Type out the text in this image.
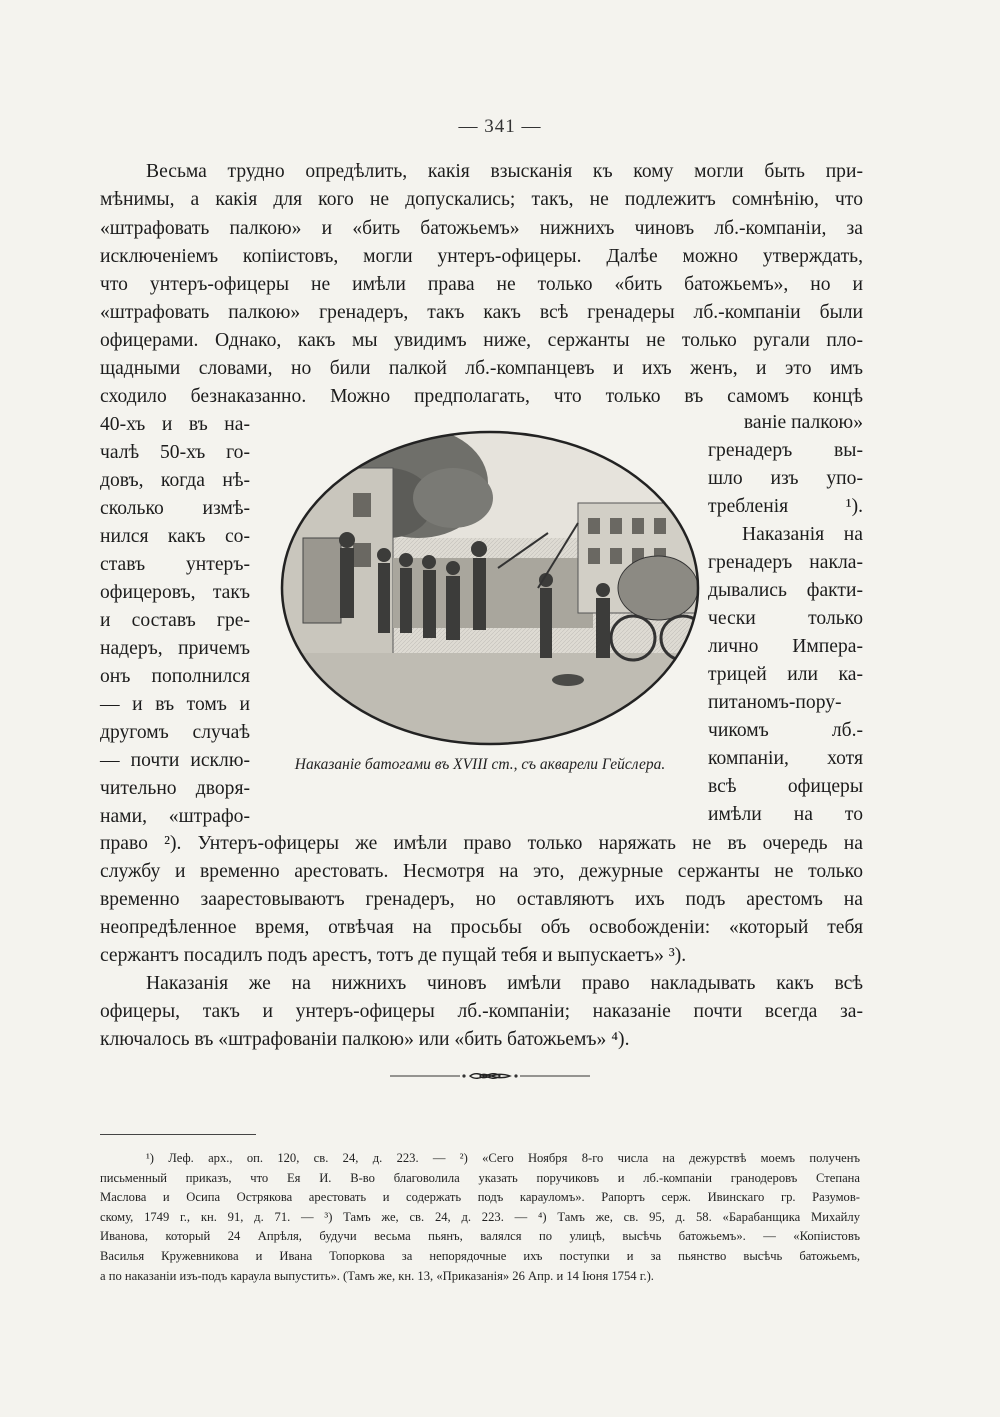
— 341 —
Весьма трудно опредѣлить, какія взысканія къ кому могли быть при-
мѣнимы, а какія для кого не допускались; такъ, не подлежитъ сомнѣнію, что
«штрафовать палкою» и «бить батожьемъ» нижнихъ чиновъ лб.-компаніи, за
исключеніемъ копіистовъ, могли унтеръ-офицеры. Далѣе можно утверждать,
что унтеръ-офицеры не имѣли права не только «бить батожьемъ», но и
«штрафовать палкою» гренадеръ, такъ какъ всѣ гренадеры лб.-компаніи были
офицерами. Однако, какъ мы увидимъ ниже, сержанты не только ругали пло-
щадными словами, но били палкой лб.-компанцевъ и ихъ женъ, и это имъ
сходило безнаказанно. Можно предполагать, что только въ самомъ концѣ
40-хъ и въ на-
чалѣ 50-хъ го-
довъ, когда нѣ-
сколько измѣ-
нился какъ со-
ставъ унтеръ-
офицеровъ, такъ
и составъ гре-
надеръ, причемъ
онъ пополнился
— и въ томъ и
другомъ случаѣ
— почти исклю-
чительно дворя-
нами, «штрафо-
ваніе палкою»
гренадеръ вы-
шло изъ упо-
требленія ¹).
Наказанія на
гренадеръ накла-
дывались факти-
чески только
лично Импера-
трицей или ка-
питаномъ-пору-
чикомъ лб.-
компаніи, хотя
всѣ офицеры
имѣли на то
Наказаніе батогами въ XVIII ст., съ акварели Гейслера.
право ²). Унтеръ-офицеры же имѣли право только наряжать не въ очередь на
службу и временно арестовать. Несмотря на это, дежурные сержанты не только
временно заарестовываютъ гренадеръ, но оставляютъ ихъ подъ арестомъ на
неопредѣленное время, отвѣчая на просьбы объ освобожденіи: «который тебя
сержантъ посадилъ подъ арестъ, тотъ де пущай тебя и выпускаетъ» ³).
Наказанія же на нижнихъ чиновъ имѣли право накладывать какъ всѣ
офицеры, такъ и унтеръ-офицеры лб.-компаніи; наказаніе почти всегда за-
ключалось въ «штрафованіи палкою» или «бить батожьемъ» ⁴).
¹) Леф. арх., оп. 120, св. 24, д. 223. — ²) «Сего Ноября 8-го числа на дежурствѣ моемъ полученъ
письменный приказъ, что Ея И. В-во благоволила указать поручиковъ и лб.-компаніи гранодеровъ Степана
Маслова и Осипа Острякова арестовать и содержать подъ карауломъ». Рапортъ серж. Ивинскаго гр. Разумов-
скому, 1749 г., кн. 91, д. 71. — ³) Тамъ же, св. 24, д. 223. — ⁴) Тамъ же, св. 95, д. 58. «Барабанщика Михайлу
Иванова, который 24 Апрѣля, будучи весьма пьянъ, валялся по улицѣ, высѣчь батожьемъ». — «Копіистовъ
Василья Кружевникова и Ивана Топоркова за непорядочные ихъ поступки и за пьянство высѣчь батожьемъ,
а по наказаніи изъ-подъ караула выпустить». (Тамъ же, кн. 13, «Приказанія» 26 Апр. и 14 Іюня 1754 г.).
